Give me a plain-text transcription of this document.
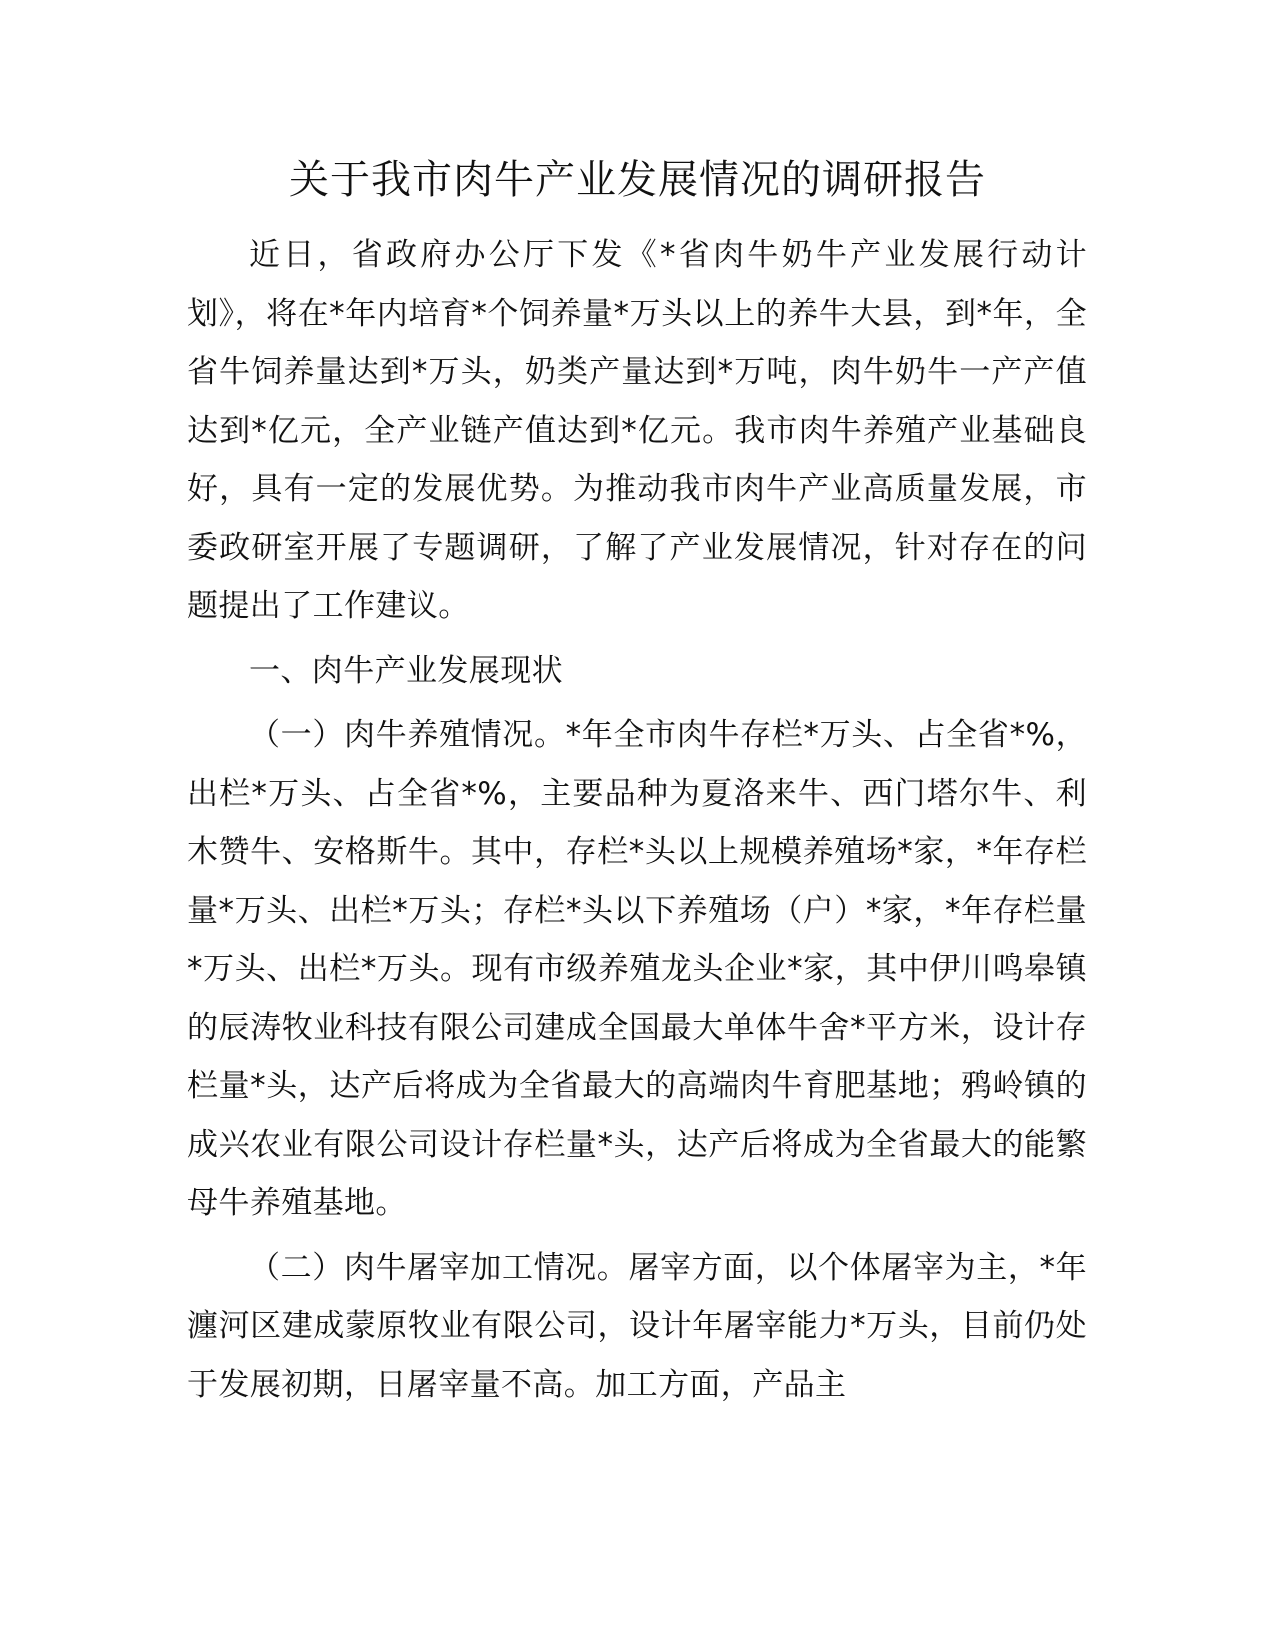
关于我市肉牛产业发展情况的调研报告

近日，省政府办公厅下发《*省肉牛奶牛产业发展行动计划》，将在*年内培育*个饲养量*万头以上的养牛大县，到*年，全省牛饲养量达到*万头，奶类产量达到*万吨，肉牛奶牛一产产值达到*亿元，全产业链产值达到*亿元。我市肉牛养殖产业基础良好，具有一定的发展优势。为推动我市肉牛产业高质量发展，市委政研室开展了专题调研，了解了产业发展情况，针对存在的问题提出了工作建议。

一、肉牛产业发展现状

（一）肉牛养殖情况。*年全市肉牛存栏*万头、占全省*%，出栏*万头、占全省*%，主要品种为夏洛来牛、西门塔尔牛、利木赞牛、安格斯牛。其中，存栏*头以上规模养殖场*家，*年存栏量*万头、出栏*万头；存栏*头以下养殖场（户）*家，*年存栏量*万头、出栏*万头。现有市级养殖龙头企业*家，其中伊川鸣皋镇的辰涛牧业科技有限公司建成全国最大单体牛舍*平方米，设计存栏量*头，达产后将成为全省最大的高端肉牛育肥基地；鸦岭镇的成兴农业有限公司设计存栏量*头，达产后将成为全省最大的能繁母牛养殖基地。

（二）肉牛屠宰加工情况。屠宰方面，以个体屠宰为主，*年瀍河区建成蒙原牧业有限公司，设计年屠宰能力*万头，目前仍处于发展初期，日屠宰量不高。加工方面，产品主
